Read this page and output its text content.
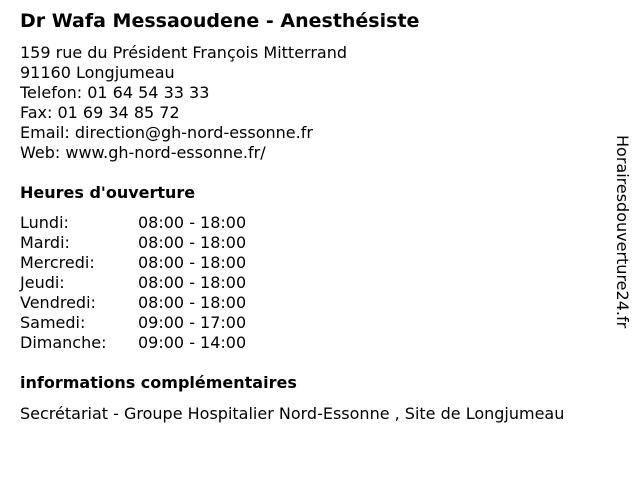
Dr Wafa Messaoudene - Anesthésiste
159 rue du Président François Mitterrand
91160 Longjumeau
Telefon: 01 64 54 33 33
Fax: 01 69 34 85 72
Email: direction@gh-nord-essonne.fr
Web: www.gh-nord-essonne.fr/
Heures d'ouverture
Lundi:	08:00 - 18:00
Mardi:	08:00 - 18:00
Mercredi:	08:00 - 18:00
Jeudi:	08:00 - 18:00
Vendredi:	08:00 - 18:00
Samedi:	09:00 - 17:00
Dimanche:	09:00 - 14:00
informations complémentaires
Secrétariat - Groupe Hospitalier Nord-Essonne , Site de Longjumeau
Horairesdouverture24.fr
